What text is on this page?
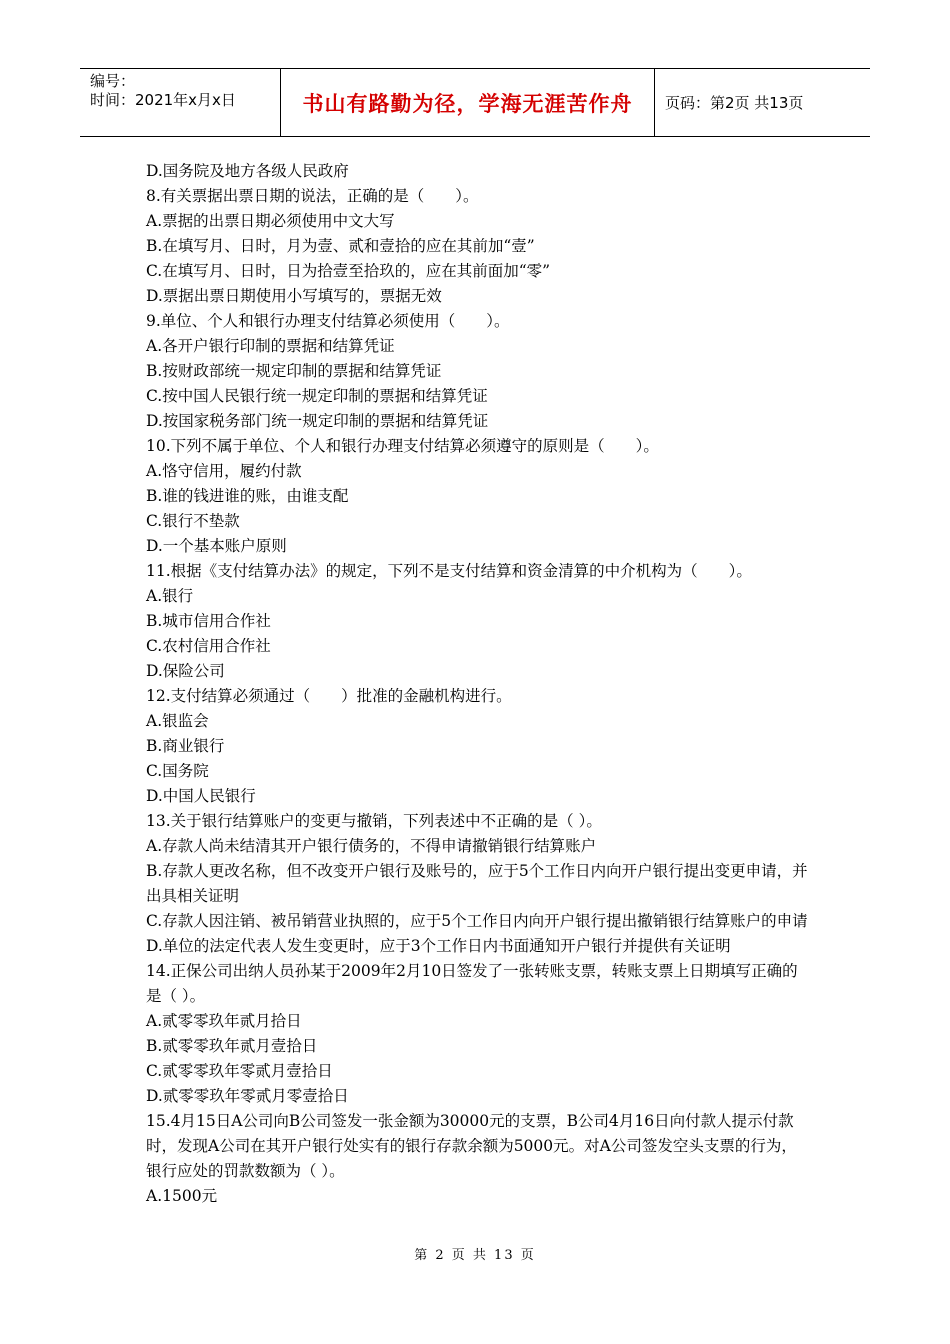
编号：
时间：2021年x月x日	书山有路勤为径，学海无涯苦作舟	页码：第2页 共13页

D.国务院及地方各级人民政府

8.有关票据出票日期的说法，正确的是（　　）。

A.票据的出票日期必须使用中文大写

B.在填写月、日时，月为壹、贰和壹拾的应在其前加“壹”

C.在填写月、日时，日为拾壹至拾玖的，应在其前面加“零”

D.票据出票日期使用小写填写的，票据无效

9.单位、个人和银行办理支付结算必须使用（　　）。

A.各开户银行印制的票据和结算凭证

B.按财政部统一规定印制的票据和结算凭证

C.按中国人民银行统一规定印制的票据和结算凭证

D.按国家税务部门统一规定印制的票据和结算凭证

10.下列不属于单位、个人和银行办理支付结算必须遵守的原则是（　　）。

A.恪守信用，履约付款

B.谁的钱进谁的账，由谁支配

C.银行不垫款

D.一个基本账户原则

11.根据《支付结算办法》的规定，下列不是支付结算和资金清算的中介机构为（　　）。

A.银行

B.城市信用合作社

C.农村信用合作社

D.保险公司

12.支付结算必须通过（　　）批准的金融机构进行。

A.银监会

B.商业银行

C.国务院

D.中国人民银行

13.关于银行结算账户的变更与撤销，下列表述中不正确的是（ ）。

A.存款人尚未结清其开户银行债务的，不得申请撤销银行结算账户

B.存款人更改名称，但不改变开户银行及账号的，应于5个工作日内向开户银行提出变更申请，并出具相关证明

C.存款人因注销、被吊销营业执照的，应于5个工作日内向开户银行提出撤销银行结算账户的申请

D.单位的法定代表人发生变更时，应于3个工作日内书面通知开户银行并提供有关证明

14.正保公司出纳人员孙某于2009年2月10日签发了一张转账支票，转账支票上日期填写正确的是（ ）。

A.贰零零玖年贰月拾日

B.贰零零玖年贰月壹拾日

C.贰零零玖年零贰月壹拾日

D.贰零零玖年零贰月零壹拾日

15.4月15日A公司向B公司签发一张金额为30000元的支票，B公司4月16日向付款人提示付款时，发现A公司在其开户银行处实有的银行存款余额为5000元。对A公司签发空头支票的行为，银行应处的罚款数额为（ ）。

A.1500元

第 2 页 共 13 页
